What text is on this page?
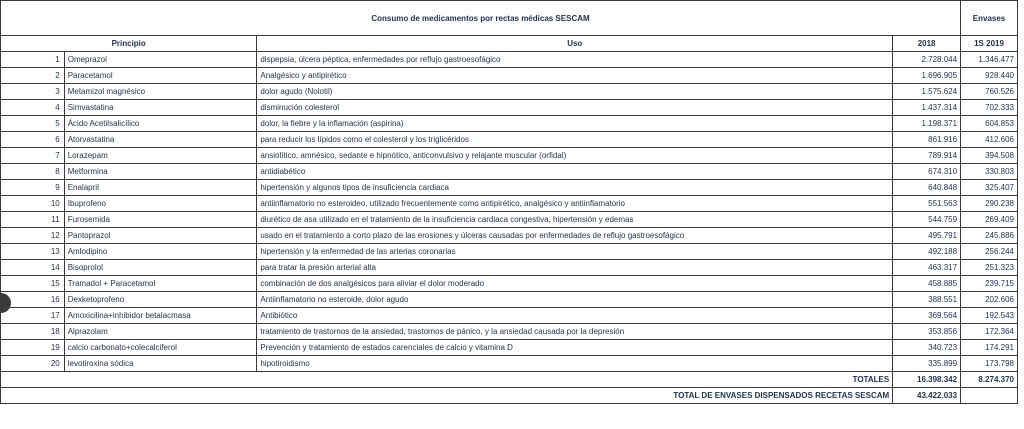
Consumo de medicamentos por rectas médicas SESCAM				Envases
Principio		Uso	2018	1S 2019
1	Omeprazol	dispepsia, úlcera péptica, enfermedades por reflujo gastroesofágico	2.728.044	1.346.477
2	Paracetamol	Analgésico y antipirético	1.696.905	928.440
3	Metamizol magnésico	dolor agudo (Nolotil)	1.575.624	760.526
4	Simvastatina	disminución colesterol	1.437.314	702.333
5	Ácido Acetilsalicílico	dolor, la fiebre y la inflamación (aspirina)	1.198.371	604.853
6	Atorvastatina	para reducir los lípidos como el colesterol y los triglicéridos	861.916	412.606
7	Lorazepam	ansiolítico, amnésico, sedante e hipnótico, anticonvulsivo y relajante muscular (orfidal)	789.914	394.508
8	Metformina	antidiabético	674.310	330.803
9	Enalapril	hipertensión y algunos tipos de insuficiencia cardiaca	640.848	325.407
10	Ibuprofeno	antiinflamatorio no esteroideo, utilizado frecuentemente como antipirético, analgésico y antiinflamatorio	551.563	290.238
11	Furosemida	diurético de asa utilizado en el tratamiento de la insuficiencia cardiaca congestiva, hipertensión y edemas	544.759	269.409
12	Pantoprazol	usado en el tratamiento a corto plazo de las erosiones y úlceras causadas por enfermedades de reflujo gastroesofágico	495.791	245.886
13	Amlodipino	hipertensión y la enfermedad de las arterias coronarias	492.188	256.244
14	Bisoprolol	para tratar la presión arterial alta	463.317	251.323
15	Tramadol + Paracetamol	combinación de dos analgésicos para aliviar el dolor moderado	458.885	239.715
16	Dexketoprofeno	Antiinflamatorio no esteroide, dolor agudo	388.551	202.606
17	Amoxicilina+inhibidor betalacmasa	Antibiótico	369.564	192.543
18	Alprazolam	tratamiento de trastornos de la ansiedad, trastornos de pánico, y la ansiedad causada por la depresión	353.856	172.364
19	calcio carbonato+colecalciferol	Prevención y tratamiento de estados carenciales de calcio y vitamina D	340.723	174.291
20	levotiroxina sódica	hipotiroidismo	335.899	173.798
TOTALES			16.398.342	8.274.370
TOTAL DE ENVASES DISPENSADOS RECETAS SESCAM			43.422.033	
